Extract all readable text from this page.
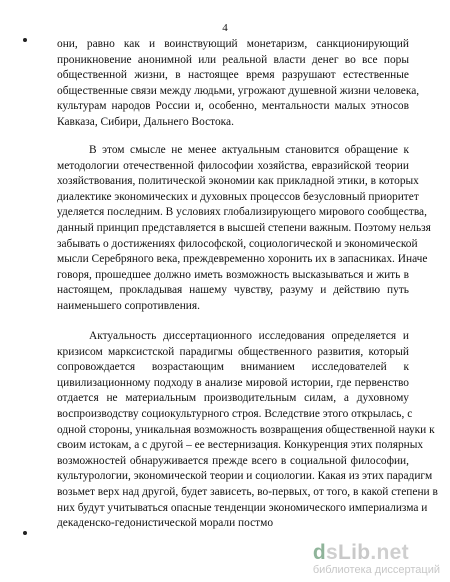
4
они, равно как и воинствующий монетаризм, санкционирующий
проникновение анонимной или реальной власти денег во все поры
общественной жизни, в настоящее время разрушают естественные
общественные связи между людьми, угрожают душевной жизни человека,
культурам народов России и, особенно, ментальности малых этносов
Кавказа, Сибири, Дальнего Востока.
В этом смысле не менее актуальным становится обращение к
методологии отечественной философии хозяйства, евразийской теории
хозяйствования, политической экономии как прикладной этики, в которых
диалектике экономических и духовных процессов безусловный приоритет
уделяется последним. В условиях глобализирующего мирового сообщества,
данный принцип представляется в высшей степени важным. Поэтому нельзя
забывать о достижениях философской, социологической и экономической
мысли Серебряного века, преждевременно хоронить их в запасниках. Иначе
говоря, прошедшее должно иметь возможность высказываться и жить в
настоящем, прокладывая нашему чувству, разуму и действию путь
наименьшего сопротивления.
Актуальность диссертационного исследования определяется и
кризисом марксистской парадигмы общественного развития, который
сопровождается возрастающим вниманием исследователей к
цивилизационному подходу в анализе мировой истории, где первенство
отдается не материальным производительным силам, а духовному
воспроизводству социокультурного строя. Вследствие этого открылась, с
одной стороны, уникальная возможность возвращения общественной науки к
своим истокам, а с другой – ее вестернизация. Конкуренция этих полярных
возможностей обнаруживается прежде всего в социальной философии,
культурологии, экономической теории и социологии. Какая из этих парадигм
возьмет верх над другой, будет зависеть, во-первых, от того, в какой степени в
них будут учитываться опасные тенденции экономического империализма и
декаденско-гедонистической морали постмо
dsLib.net
библиотека диссертаций
